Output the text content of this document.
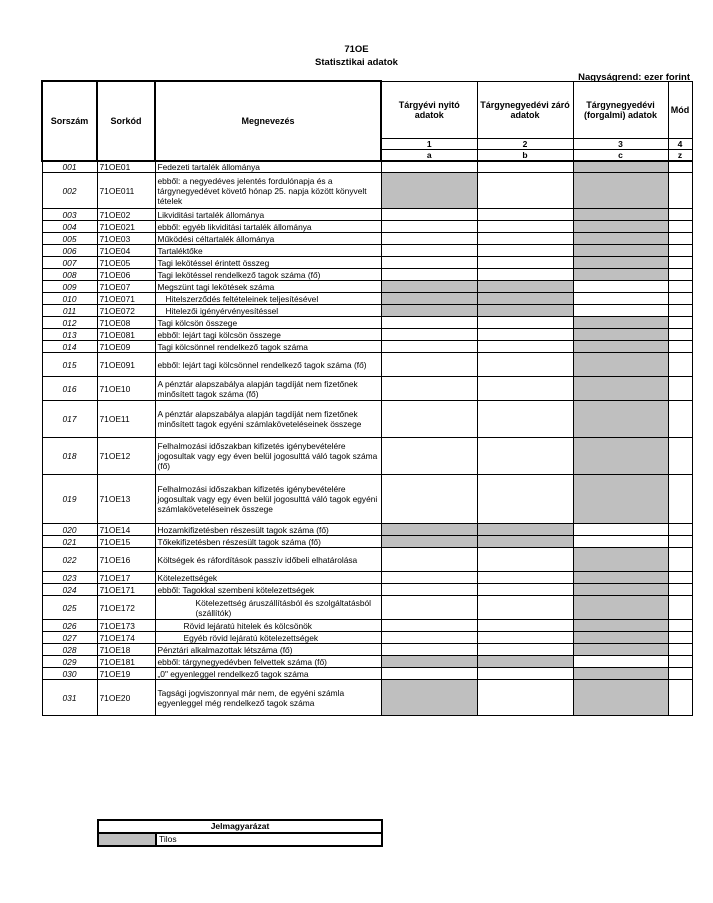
71OE
Statisztikai adatok
Nagyságrend: ezer forint
Sorszám	Sorkód	Megnevezés	Tárgyévi nyitó adatok	Tárgynegyedévi záró adatok	Tárgynegyedévi (forgalmi) adatok	Mód
			1	2	3	4
			a	b	c	z
001	71OE01	Fedezeti tartalék állománya				
002	71OE011	ebből: a negyedéves jelentés fordulónapja és a tárgynegyedévet követő hónap 25. napja között könyvelt tételek				
003	71OE02	Likviditási tartalék állománya				
004	71OE021	ebből: egyéb likviditási tartalék állománya				
005	71OE03	Működési céltartalék állománya				
006	71OE04	Tartaléktőke				
007	71OE05	Tagi lekötéssel érintett összeg				
008	71OE06	Tagi lekötéssel rendelkező tagok száma (fő)				
009	71OE07	Megszünt tagi lekötések száma				
010	71OE071	Hitelszerződés feltételeinek teljesítésével				
011	71OE072	Hitelezői igényérvényesítéssel				
012	71OE08	Tagi kölcsön összege				
013	71OE081	ebből: lejárt tagi kölcsön összege				
014	71OE09	Tagi kölcsönnel rendelkező tagok száma				
015	71OE091	ebből: lejárt tagi kölcsönnel rendelkező tagok száma (fő)				
016	71OE10	A pénztár alapszabálya alapján tagdíját nem fizetőnek minősített tagok száma (fő)				
017	71OE11	A pénztár alapszabálya alapján tagdíját nem fizetőnek minősített tagok egyéni számlaköveteléseinek összege				
018	71OE12	Felhalmozási időszakban kifizetés igénybevételére jogosultak vagy egy éven belül jogosulttá váló tagok száma (fő)				
019	71OE13	Felhalmozási időszakban kifizetés igénybevételére jogosultak vagy egy éven belül jogosulttá váló tagok egyéni számlaköveteléseinek összege				
020	71OE14	Hozamkifizetésben részesült tagok száma (fő)				
021	71OE15	Tőkekifizetésben részesült tagok száma (fő)				
022	71OE16	Költségek és ráfordítások passzív időbeli elhatárolása				
023	71OE17	Kötelezettségek				
024	71OE171	ebből: Tagokkal szembeni kötelezettségek				
025	71OE172	Kötelezettség áruszállításból és szolgáltatásból (szállítók)				
026	71OE173	Rövid lejáratú hitelek és kölcsönök				
027	71OE174	Egyéb rövid lejáratú kötelezettségek				
028	71OE18	Pénztári alkalmazottak létszáma (fő)				
029	71OE181	ebből: tárgynegyedévben felvettek száma (fő)				
030	71OE19	„0" egyenleggel rendelkező tagok száma				
031	71OE20	Tagsági jogviszonnyal már nem, de egyéni számla egyenleggel még rendelkező tagok száma				
Jelmagyarázat
	Tilos
